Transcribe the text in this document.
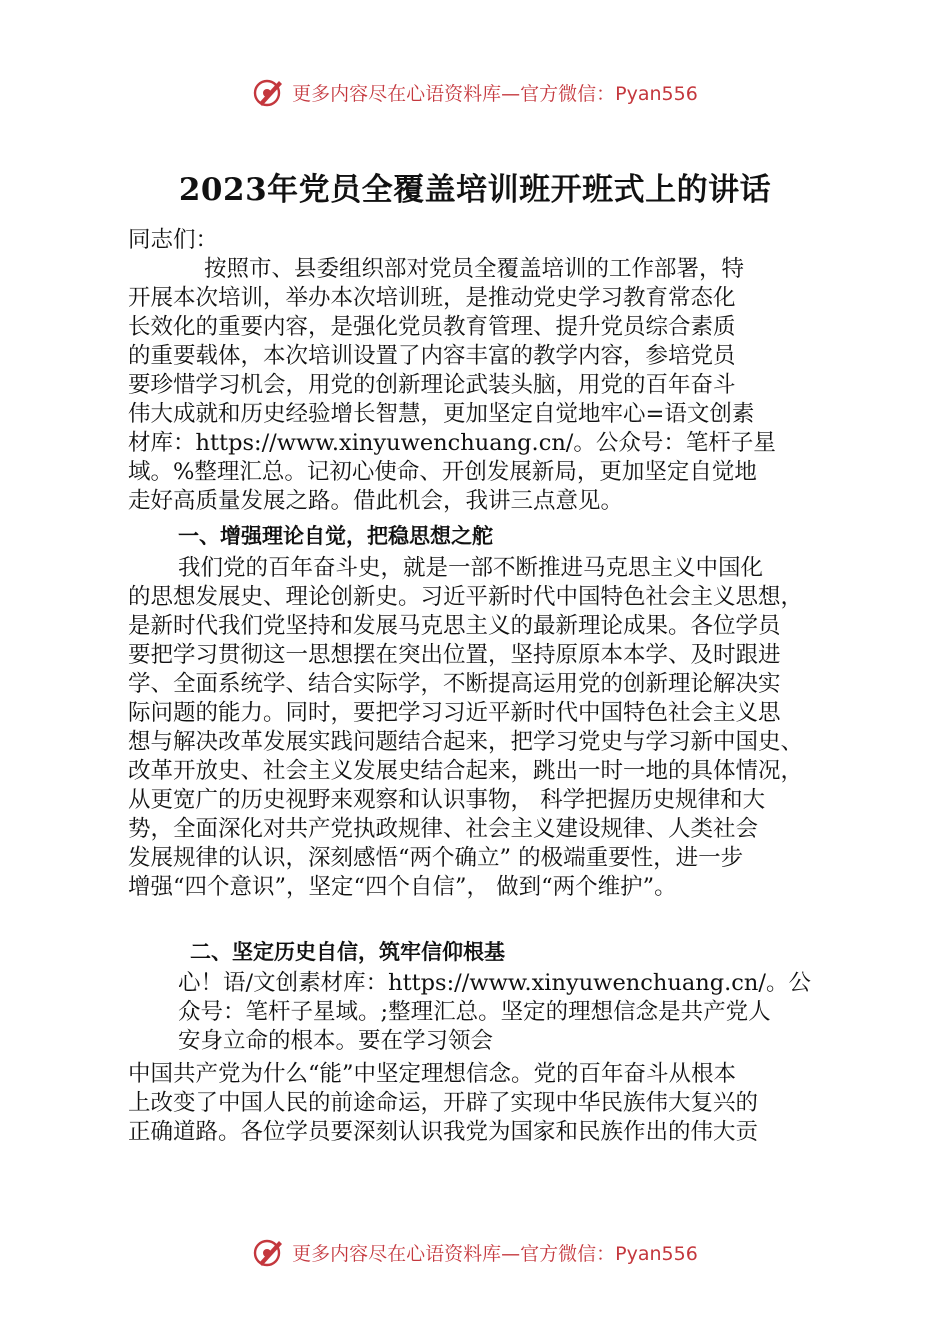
更多内容尽在心语资料库—官方微信：Pyan556
2023年党员全覆盖培训班开班式上的讲话
同志们：
按照市、县委组织部对党员全覆盖培训的工作部署，特
开展本次培训，举办本次培训班，是推动党史学习教育常态化
长效化的重要内容，是强化党员教育管理、提升党员综合素质
的重要载体，本次培训设置了内容丰富的教学内容，参培党员
要珍惜学习机会，用党的创新理论武装头脑，用党的百年奋斗
伟大成就和历史经验增长智慧，更加坚定自觉地牢心=语文创素
材库：https://www.xinyuwenchuang.cn/。公众号：笔杆子星
域。%整理汇总。记初心使命、开创发展新局，更加坚定自觉地
走好高质量发展之路。借此机会，我讲三点意见。
一、增强理论自觉，把稳思想之舵
我们党的百年奋斗史，就是一部不断推进马克思主义中国化
的思想发展史、理论创新史。习近平新时代中国特色社会主义思想，
是新时代我们党坚持和发展马克思主义的最新理论成果。各位学员
要把学习贯彻这一思想摆在突出位置，坚持原原本本学、及时跟进
学、全面系统学、结合实际学，不断提高运用党的创新理论解决实
际问题的能力。同时，要把学习习近平新时代中国特色社会主义思
想与解决改革发展实践问题结合起来，把学习党史与学习新中国史、
改革开放史、社会主义发展史结合起来，跳出一时一地的具体情况，
从更宽广的历史视野来观察和认识事物， 科学把握历史规律和大
势，全面深化对共产党执政规律、社会主义建设规律、人类社会
发展规律的认识，深刻感悟“两个确立” 的极端重要性，进一步
增强“四个意识”，坚定“四个自信”， 做到“两个维护”。
二、坚定历史自信，筑牢信仰根基
心！语/文创素材库：https://www.xinyuwenchuang.cn/。公
众号：笔杆子星域。;整理汇总。坚定的理想信念是共产党人
安身立命的根本。要在学习领会
中国共产党为什么“能”中坚定理想信念。党的百年奋斗从根本
上改变了中国人民的前途命运，开辟了实现中华民族伟大复兴的
正确道路。各位学员要深刻认识我党为国家和民族作出的伟大贡
更多内容尽在心语资料库—官方微信：Pyan556
